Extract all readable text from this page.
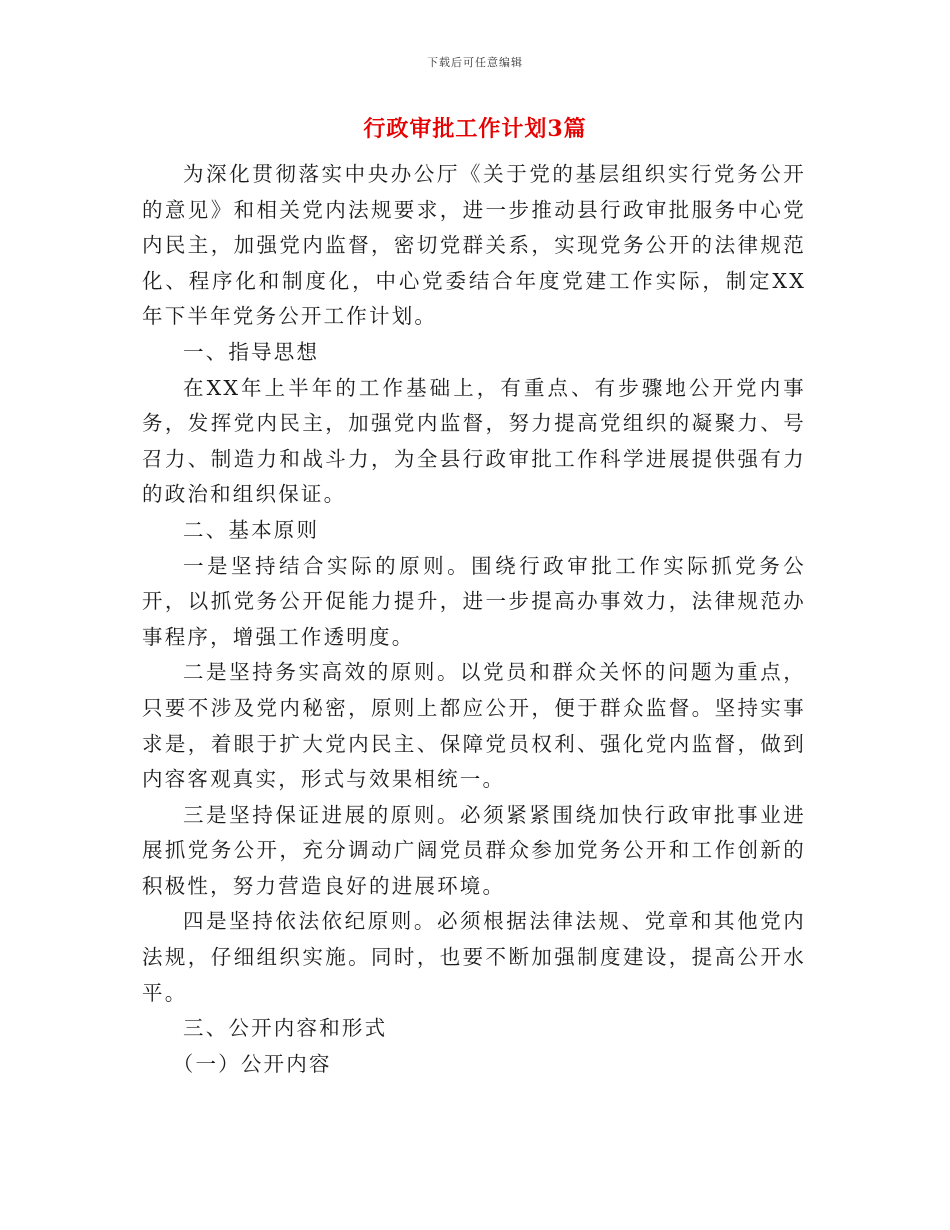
下载后可任意编辑
行政审批工作计划3篇

为深化贯彻落实中央办公厅《关于党的基层组织实行党务公开的意见》和相关党内法规要求，进一步推动县行政审批服务中心党内民主，加强党内监督，密切党群关系，实现党务公开的法律规范化、程序化和制度化，中心党委结合年度党建工作实际，制定XX年下半年党务公开工作计划。

一、指导思想

在XX年上半年的工作基础上，有重点、有步骤地公开党内事务，发挥党内民主，加强党内监督，努力提高党组织的凝聚力、号召力、制造力和战斗力，为全县行政审批工作科学进展提供强有力的政治和组织保证。

二、基本原则

一是坚持结合实际的原则。围绕行政审批工作实际抓党务公开，以抓党务公开促能力提升，进一步提高办事效力，法律规范办事程序，增强工作透明度。

二是坚持务实高效的原则。以党员和群众关怀的问题为重点，只要不涉及党内秘密，原则上都应公开，便于群众监督。坚持实事求是，着眼于扩大党内民主、保障党员权利、强化党内监督，做到内容客观真实，形式与效果相统一。

三是坚持保证进展的原则。必须紧紧围绕加快行政审批事业进展抓党务公开，充分调动广阔党员群众参加党务公开和工作创新的积极性，努力营造良好的进展环境。

四是坚持依法依纪原则。必须根据法律法规、党章和其他党内法规，仔细组织实施。同时，也要不断加强制度建设，提高公开水平。

三、公开内容和形式

（一）公开内容
